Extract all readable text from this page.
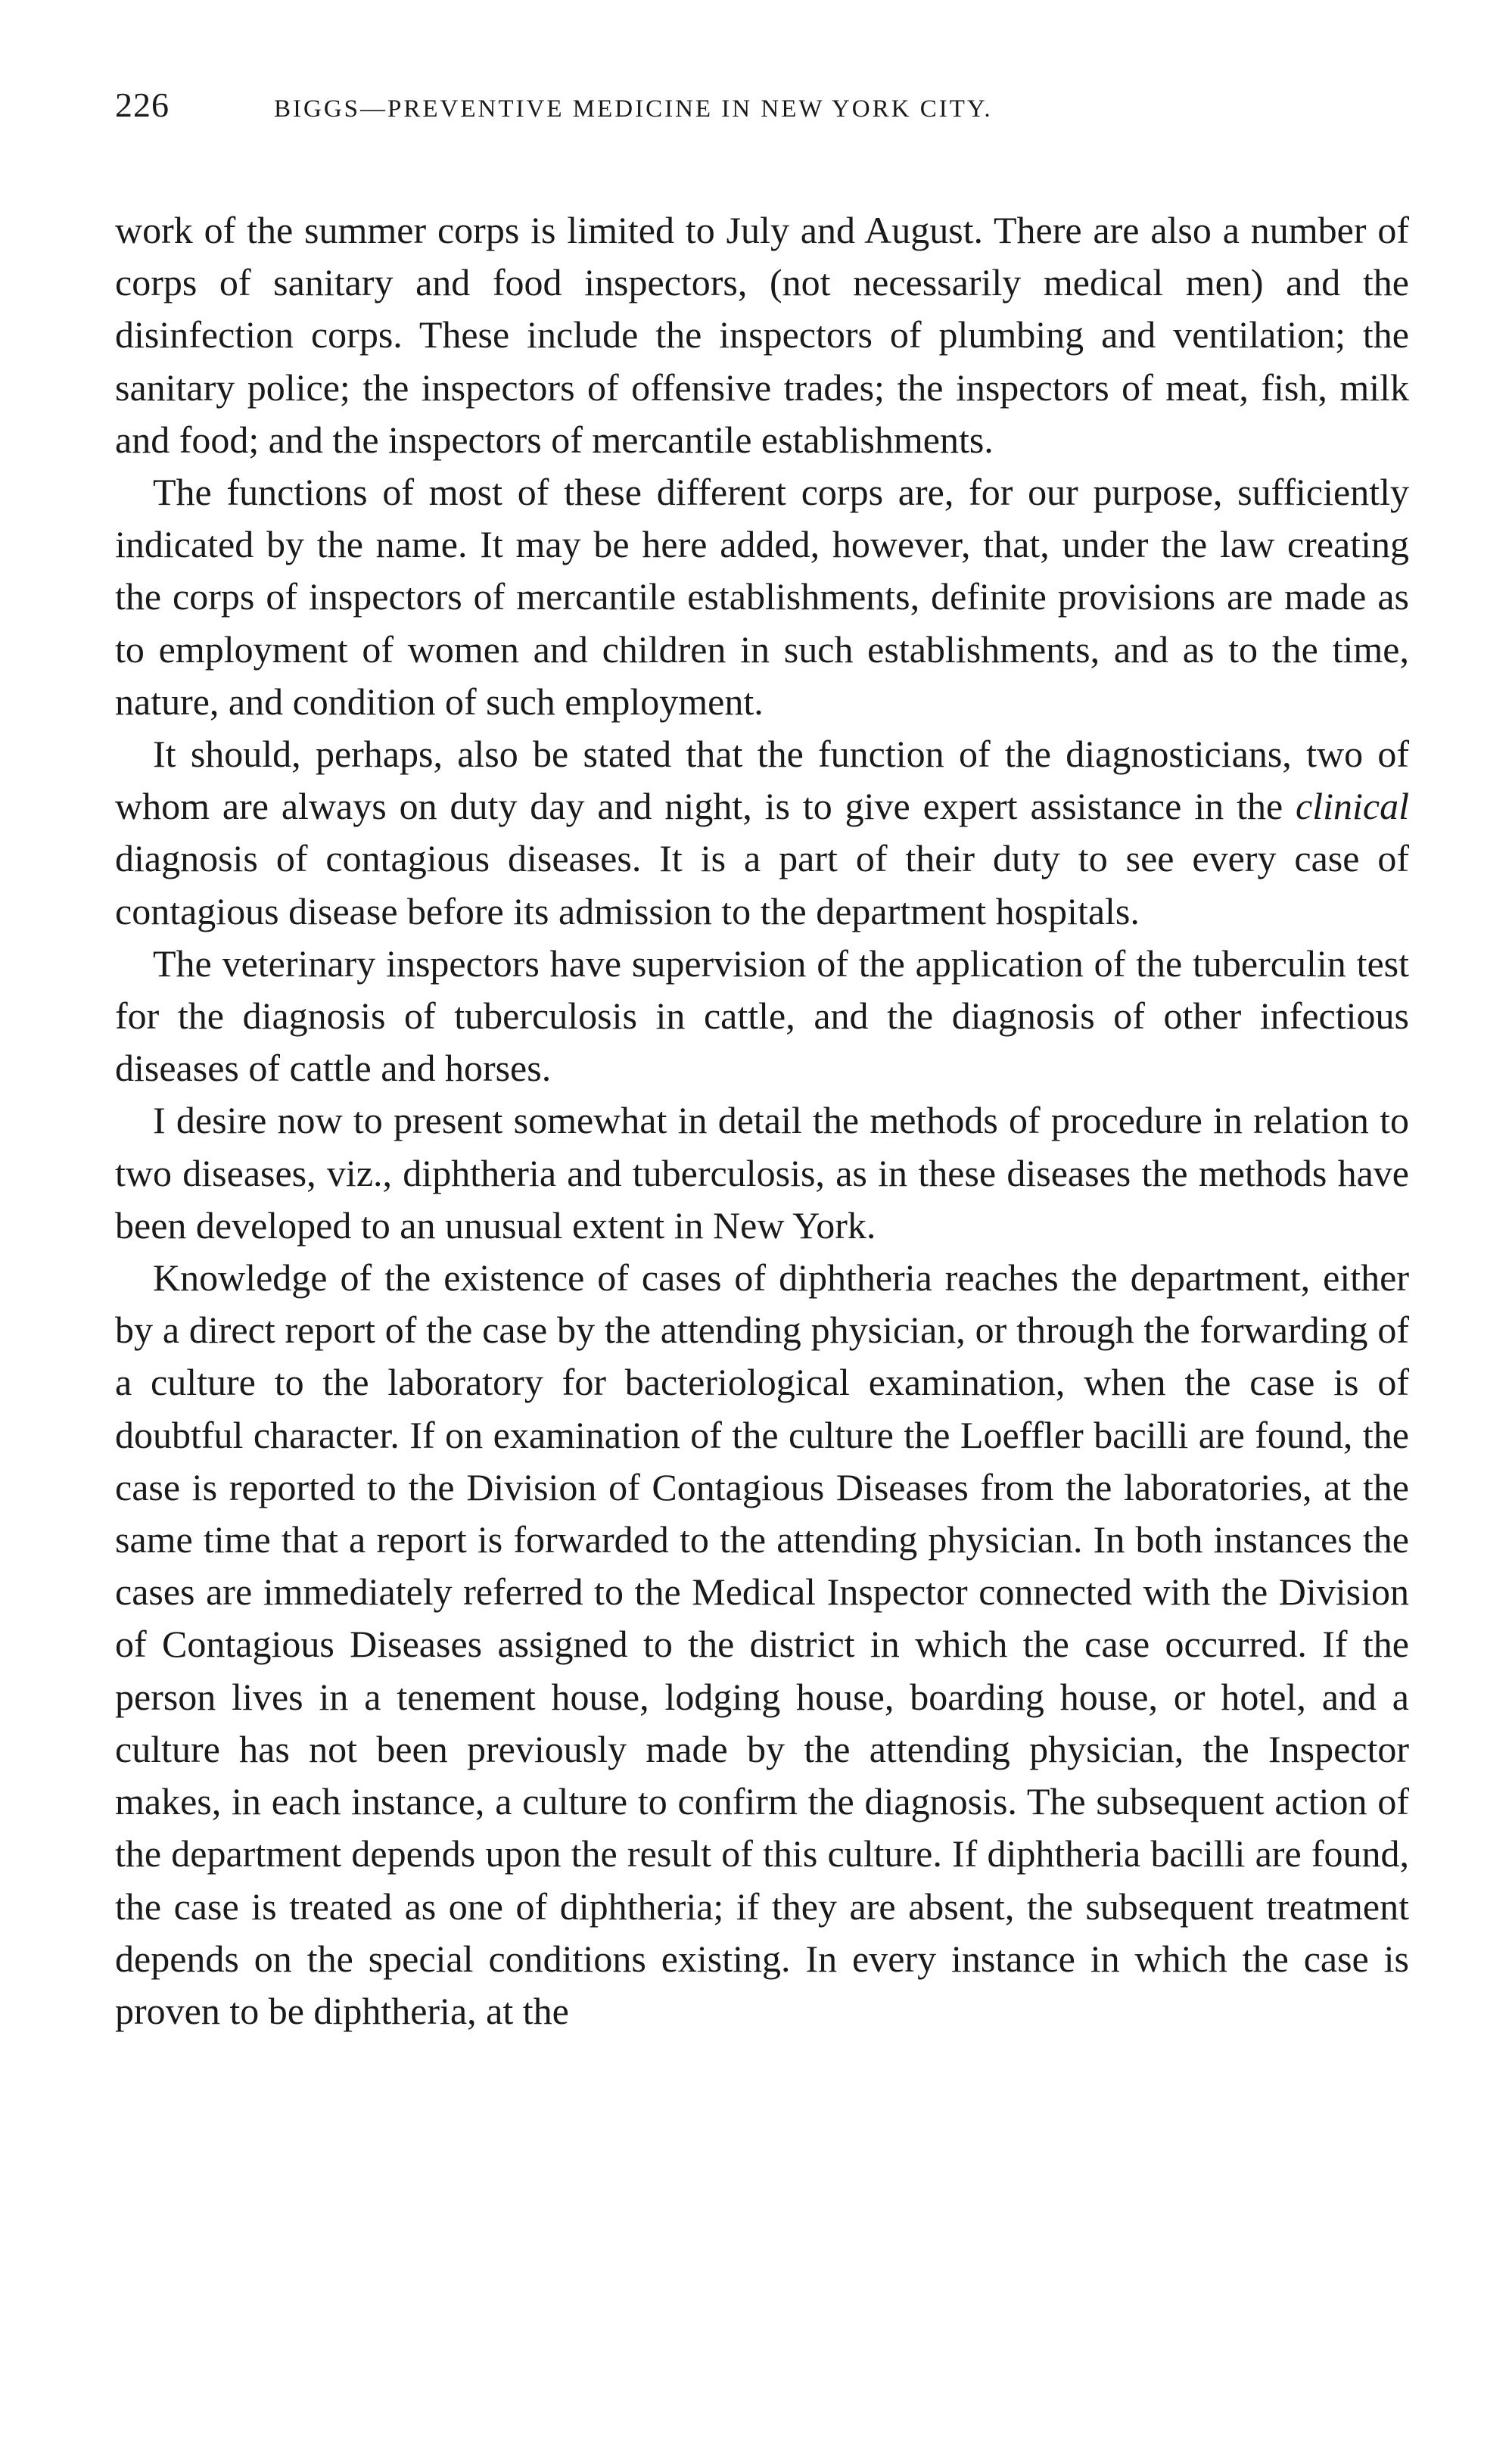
226	BIGGS—PREVENTIVE MEDICINE IN NEW YORK CITY.

work of the summer corps is limited to July and August. There are also a number of corps of sanitary and food inspectors, (not necessarily medical men) and the disinfection corps. These include the inspectors of plumbing and ventilation; the sanitary police; the inspectors of offensive trades; the inspectors of meat, fish, milk and food; and the inspectors of mercantile establishments.

The functions of most of these different corps are, for our purpose, sufficiently indicated by the name. It may be here added, however, that, under the law creating the corps of inspectors of mercantile establishments, definite provisions are made as to employment of women and children in such establishments, and as to the time, nature, and condition of such employment.

It should, perhaps, also be stated that the function of the diagnosticians, two of whom are always on duty day and night, is to give expert assistance in the clinical diagnosis of contagious diseases. It is a part of their duty to see every case of contagious disease before its admission to the department hospitals.

The veterinary inspectors have supervision of the application of the tuberculin test for the diagnosis of tuberculosis in cattle, and the diagnosis of other infectious diseases of cattle and horses.

I desire now to present somewhat in detail the methods of procedure in relation to two diseases, viz., diphtheria and tuberculosis, as in these diseases the methods have been developed to an unusual extent in New York.

Knowledge of the existence of cases of diphtheria reaches the department, either by a direct report of the case by the attending physician, or through the forwarding of a culture to the laboratory for bacteriological examination, when the case is of doubtful character. If on examination of the culture the Loeffler bacilli are found, the case is reported to the Division of Contagious Diseases from the laboratories, at the same time that a report is forwarded to the attending physician. In both instances the cases are immediately referred to the Medical Inspector connected with the Division of Contagious Diseases assigned to the district in which the case occurred. If the person lives in a tenement house, lodging house, boarding house, or hotel, and a culture has not been previously made by the attending physician, the Inspector makes, in each instance, a culture to confirm the diagnosis. The subsequent action of the department depends upon the result of this culture. If diphtheria bacilli are found, the case is treated as one of diphtheria; if they are absent, the subsequent treatment depends on the special conditions existing. In every instance in which the case is proven to be diphtheria, at the
